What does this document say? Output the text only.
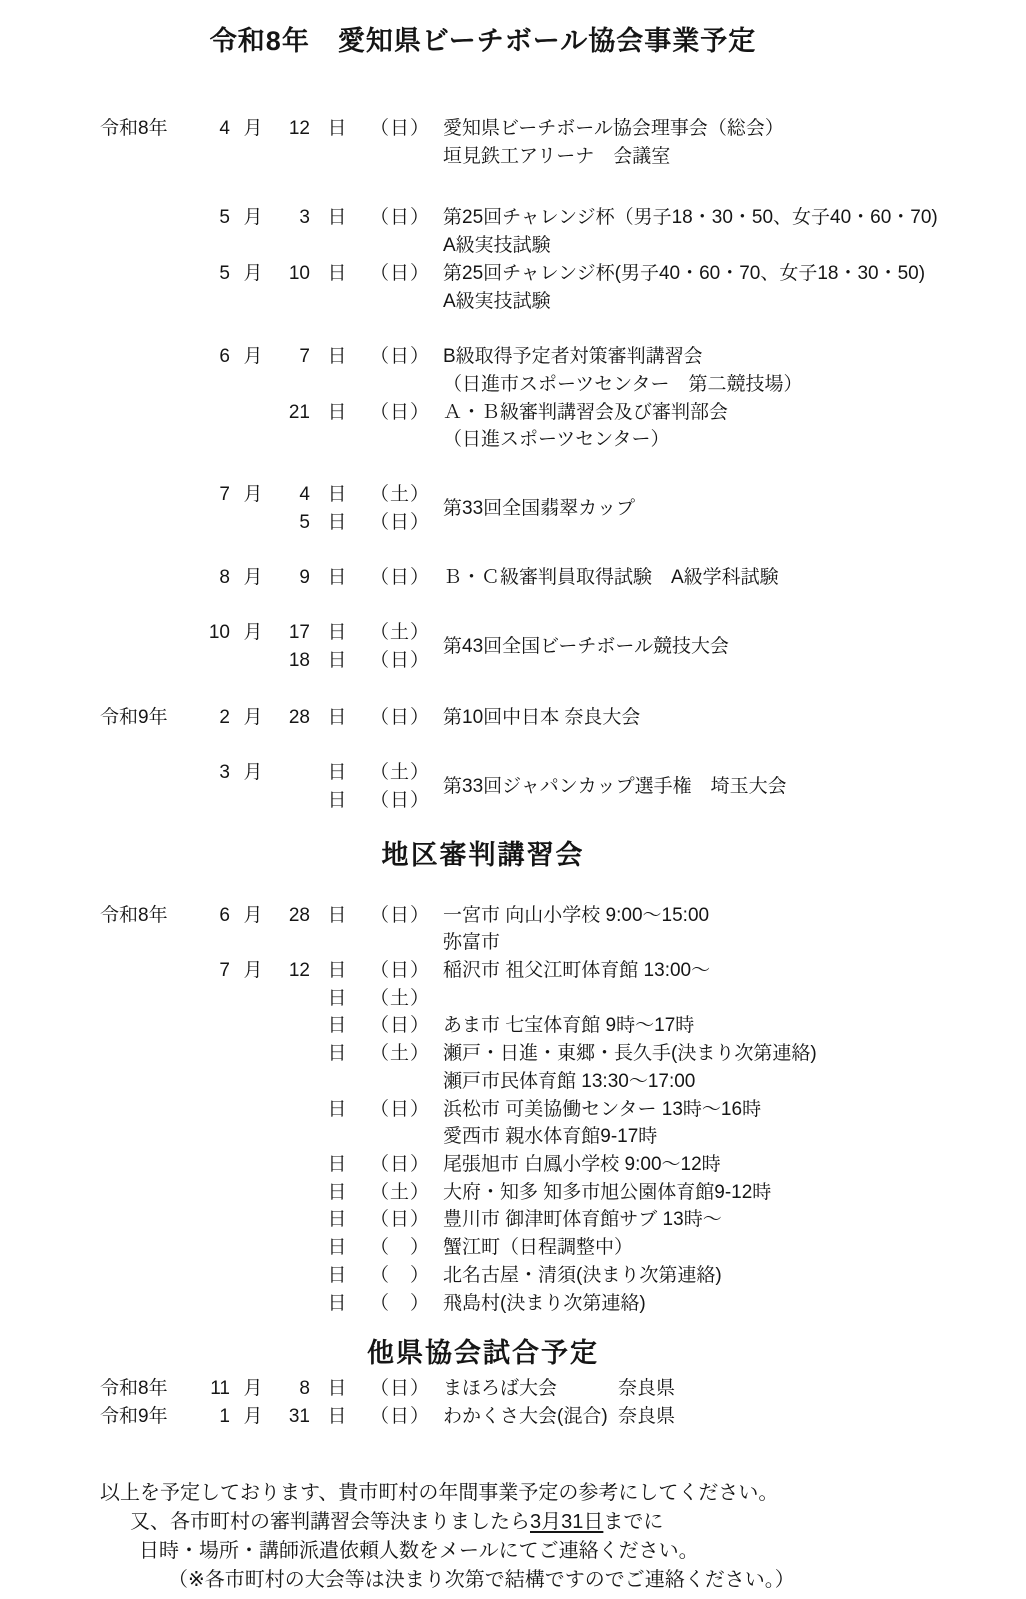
令和8年　愛知県ビーチボール協会事業予定
令和8年	4 月	12 日	（日） 愛知県ビーチボール協会理事会（総会）
垣見鉄工アリーナ　会議室
5 月	3 日	（日） 第25回チャレンジ杯（男子18・30・50、女子40・60・70)
A級実技試験
5 月	10 日	（日） 第25回チャレンジ杯(男子40・60・70、女子18・30・50)
A級実技試験
6 月	7 日	（日） B級取得予定者対策審判講習会
（日進市スポーツセンター　第二競技場）
21 日	（日） Ａ・Ｂ級審判講習会及び審判部会
（日進スポーツセンター）
7 月	4 日	（土）
5 日	（日）
第33回全国翡翠カップ
8 月	9 日	（日） Ｂ・Ｃ級審判員取得試験　A級学科試験
10 月	17 日	（土）
18 日	（日）
第43回全国ビーチボール競技大会
令和9年	2 月	28 日	（日） 第10回中日本 奈良大会
3 月	日	（土）
日	（日）
第33回ジャパンカップ選手権　埼玉大会
地区審判講習会
令和8年	6 月	28 日	（日） 一宮市 向山小学校 9:00～15:00
弥富市
7 月	12 日	（日） 稲沢市 祖父江町体育館 13:00～
日	（土）
日	（日） あま市 七宝体育館 9時～17時
日	（土） 瀬戸・日進・東郷・長久手(決まり次第連絡)
瀬戸市民体育館 13:30～17:00
日	（日） 浜松市 可美協働センター 13時～16時
愛西市 親水体育館9-17時
日	（日） 尾張旭市 白鳳小学校 9:00～12時
日	（土） 大府・知多 知多市旭公園体育館9-12時
日	（日） 豊川市 御津町体育館サブ 13時～
日	（　） 蟹江町（日程調整中）
日	（　） 北名古屋・清須(決まり次第連絡)
日	（　） 飛島村(決まり次第連絡)
他県協会試合予定
令和8年	11 月	8 日	（日） まほろば大会	奈良県
令和9年	1 月	31 日	（日） わかくさ大会(混合) 奈良県
以上を予定しております、貴市町村の年間事業予定の参考にしてください。
又、各市町村の審判講習会等決まりましたら3月31日までに
日時・場所・講師派遣依頼人数をメールにてご連絡ください。
（※各市町村の大会等は決まり次第で結構ですのでご連絡ください。）
